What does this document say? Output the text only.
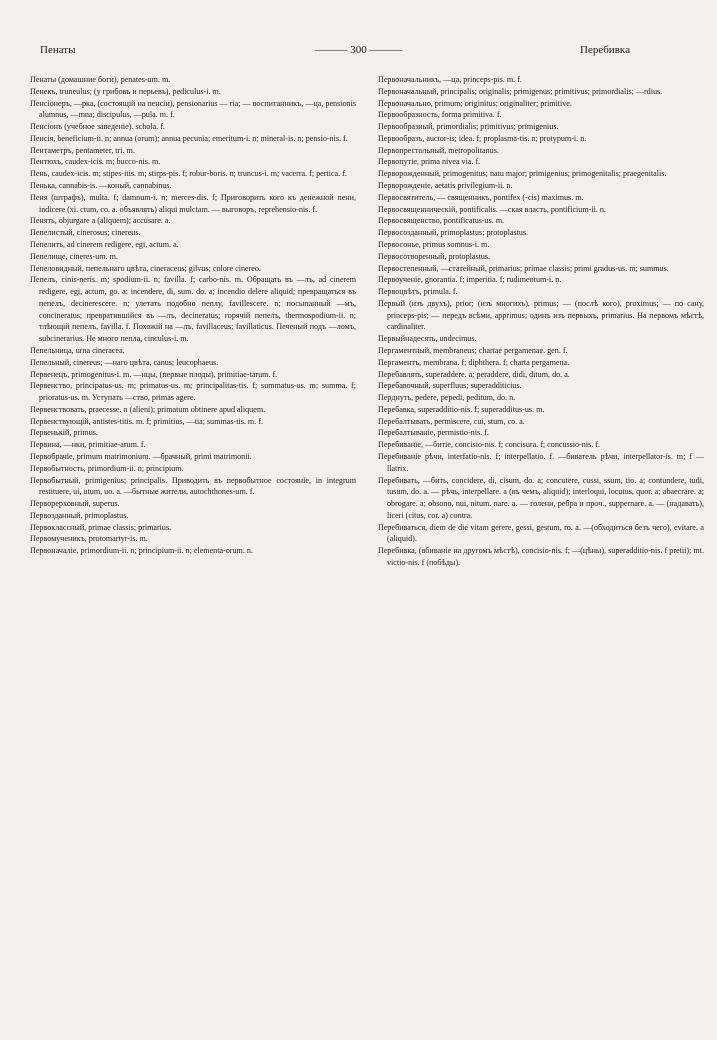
Пенаты	——— 300 ———	Перебивка
Пенаты (домашние боги), penates-um. m.
Пенекъ, truneulus; (у грибовъ и перьевъ), pediculus-i. m.
Пенсіонеръ, —рка, (состоящій на пенсіи), pensionarius — ria; — воспитанникъ, —ца, pensionis alumnus, —mna; discipulus, —pula. m. f.
Пенсіонъ (учебное заведеніе). schola. f.
Пенсія, beneficium-ii. n; annuа (orum); annua pecunia; emeritum-i. n; mineral-is. n; pensio-nis. f.
Пентаметръ, pentameter, tri. m.
Пентюхъ, caudex-icis. m; bucco-nis. m.
Пень, caudex-icis. m; stipes-itis. m; stirps-pis. f; robur-boris. n; truncus-i. m; vacerra. f; pertica. f.
Пенька, cannabis-is. —коный, cannabinus.
Пеня (штрафъ), multa. f; damnum-i. n; merces-dis. f; Приговорить кого къ денежной пени, indicere (xi. ctum, co. a. объявлять) aliqui mulctam. — выговоръ, reprehensio-nis. f.
Пенять, objurgare a (aliquem); accusare. a.
Пепелистый, cinerosus; cinereus.
Пепелить, ad cinerem redigere, egi, actum. a.
Пепелище, cineres-um. m.
Пепеловидный, пепельнаго цвѣта, cineraceus; gilvus; colore cinereo.
Пепелъ, cinis-neris. m; spodium-ii. n; favilla. f; carbo-nis. m. Обращать въ —лъ, ad cinerem redigere, egi, actum, go. a: incendere, di, sum. do. a; incendio delere aliquid; превращаться въ пепелъ, decinerescere. n; улетать подобно пеплу, favillescere. n; посыпанный —мъ, concineratus; превратившійся въ —лъ, decineratus; горячій пепелъ, thermospodium-ii. n; тлѣющій пепелъ, favilla. f. Похожій на —лъ, favillaceus; favillaticus. Печеный подъ —ломъ, subcinerarius. Не много пепла, cinculus-i. m.
Пепельница, urna cineracea.
Пепельный, cinereus; —наго цвѣта, canus; leucophaeus.
Первенецъ, primogenitus-i. m. —нцы, (первые плоды), primitiae-tarum. f.
Первенство, principatus-us. m; primatus-us. m; principalitas-tis. f; summatus-us. m; summa. f; prioratus-us. m. Уступать —ство, primas agere.
Первенствовать, praecesse. n (alieni); primatum obtinere apud aliquem.
Первенствующій, antistes-titis. m. f; primitius, —tia; summas-tis. m. f.
Первенькій, primus.
Первина, —нки, primitiae-arum. f.
Первобрачіе, primum matrimonium. —брачный, primi matrimonii.
Первобытность, primordium-ii. n; principium.
Первобытный, primigenius; principalis. Приводить въ первобытное состояніе, in integrum restituere, ui, utum, uo. a. —бытные жители, autochthones-um. f.
Перворерховный, superus.
Первозданный, primoplastus.
Первоклассный, primae classis; primarius.
Первомученикъ, protomartyr-is. m.
Первоначаліе, primordium-ii. n; principium-ii. n; elementa-orum. n.
Первоначальникъ, —ца, princeps-pis. m. f.
Первоначальный, principalis; originalis; primigenus; primitivus; primordialis; —rdius.
Первоначально, primum; originitus; originaliter; primitive.
Первообразность, forma primitiva. f.
Первообразный, primordialis; primitivus; primigenius.
Первообразъ, auctor-is; idea. f; proplasma-tis. n; protypum-i. n.
Первопрестольный, metropolitanus.
Первопутіе, prima nivea via. f.
Перворожденный, primogenitus; natu major; primigenius; primogenitalis; praegenitalis.
Перворожденіе, aetatis privilegium-ii. n.
Первосвятитель, — священникъ, pontifex (-cis) maximus. m.
Первосвященническій, pontificalis. —ская власть, pontificium-ii. n.
Первосвященство, pontificatus-us. m.
Первосозданный, primoplastus; protoplastus.
Первосонье, primus somnus-i. m.
Первосотворенный, protoplastus.
Первостепенный, —статейный, primarius; primae classis; primi gradus-us. m; summus.
Первоученіе, gnorantia. f; imperitia. f; rudimentum-i. n.
Первоцвѣтъ, primula. f.
Первый (изъ двухъ), prior; (изъ многихъ), primus; — (послѣ кого), proximus; — по сану, princeps-pis; — передъ всѣми, apprimus; одинъ изъ первыхъ, primarius. На первомъ мѣстѣ, cardinaliter.
Первыйнадесять, undecimus.
Пергаментный, membraneus; chartae pergamenae. gen. f.
Пергаментъ, membrana. f; diphthera. f; charta pergamena.
Перебавлять, superaddere. a; peraddere, didi, ditum, do. a.
Перебавочный, superfluus; superadditicius.
Перднуть, pedere, pepedi, peditum, do. n.
Перебавка, superadditio-nis. f; superadditus-us. m.
Перебалтывать, permiscere, cui, stum, co. a.
Перебалтываніе, permistio-nis. f.
Перебиваніе, —битіе, concisio-nis. f; concisura. f; concussio-nis. f.
Перебиваніе рѣчи, interfatio-nis. f; interpellatio. f. —биватель рѣчи, interpellator-is. m; f —llatrix.
Перебивать, —бить, concidere, di, cisum, do. a; concutere, cussi, ssum, tio. a; contundere, tudi, tusum, do. a. — рѣчь, interpellare. a (въ чемъ, aliquid); interloqui, locutus, quor. a; abaecrare. a; obrogare. a; obsono, nui, nitum. nare. a. — голени, ребра и проч., suppernare. a. — (надавать), liceri (citus, cor. a) contra.
Перебиваться, diem de die vitam gerere, gessi, gestum, ro. a. —(обходиться безъ чего), evitare. a (aliquid).
Перебивка, (вбиваніе на другомъ мѣстѣ), concisio-nis. f; —(цѣны), superadditio-nis. f pretii); mt. victio-nis. f (побѣды).
